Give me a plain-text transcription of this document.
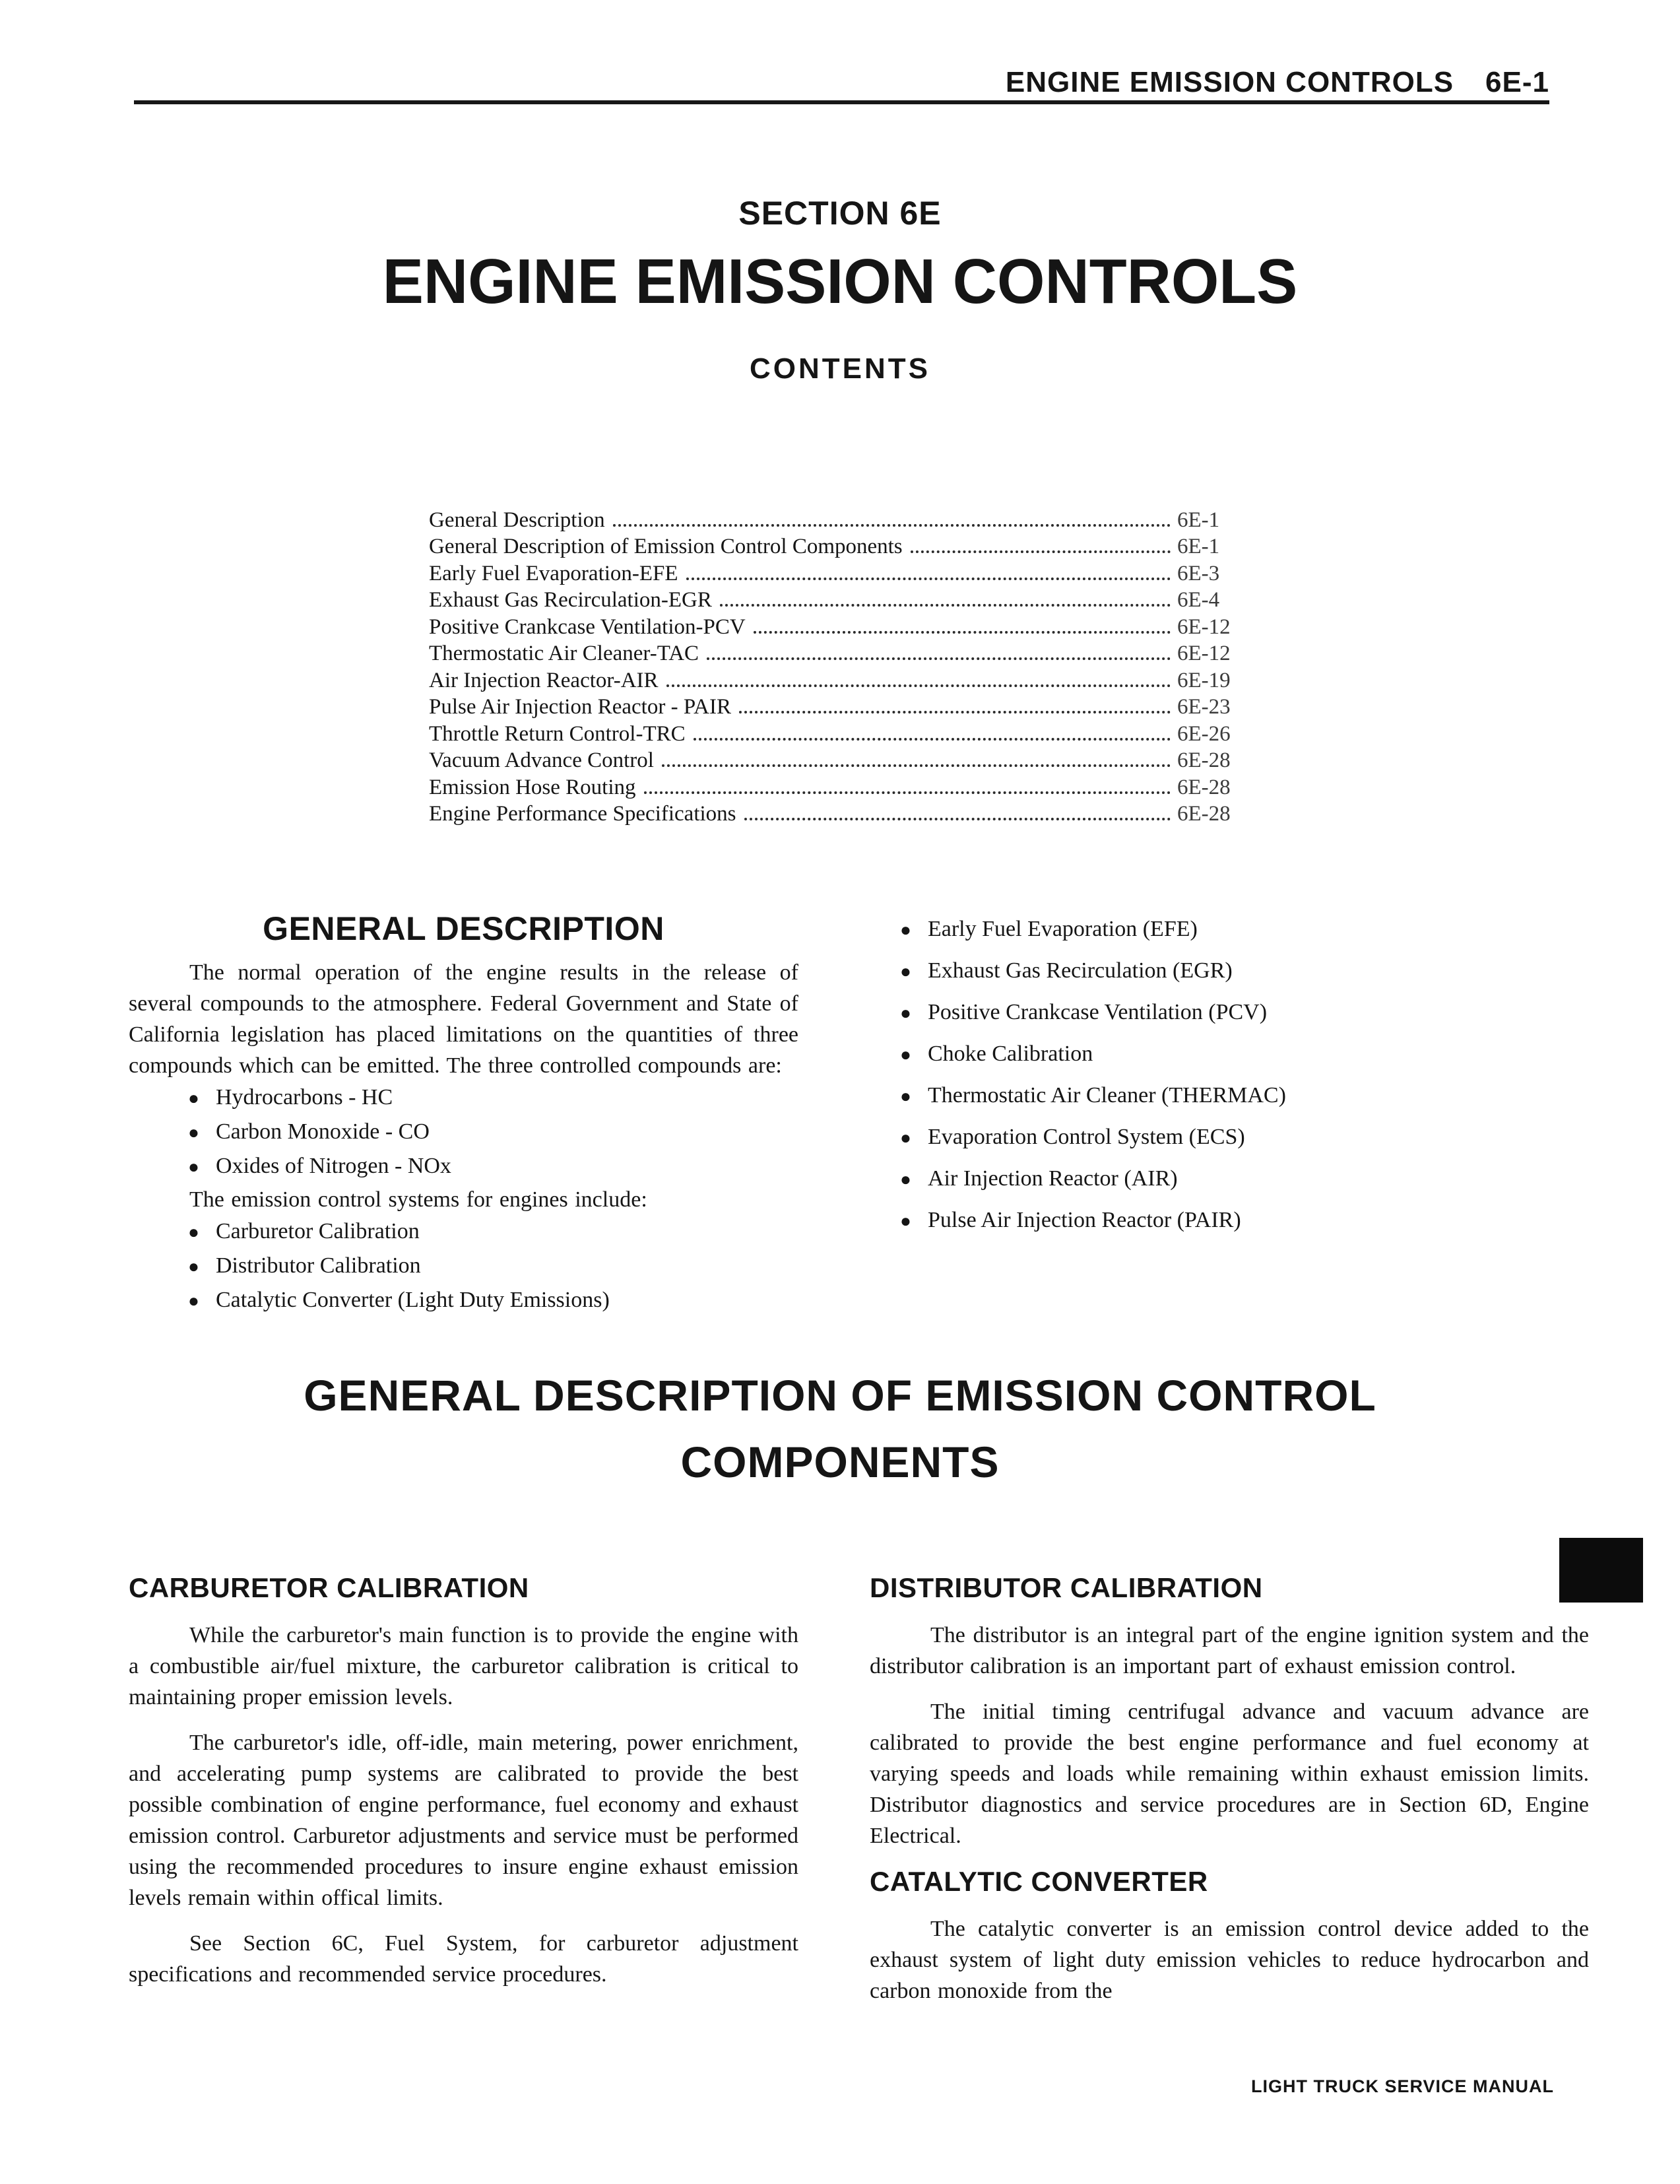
ENGINE EMISSION CONTROLS 6E-1
SECTION 6E
ENGINE EMISSION CONTROLS
CONTENTS
General Description	6E-1
General Description of Emission Control Components	6E-1
Early Fuel Evaporation-EFE	6E-3
Exhaust Gas Recirculation-EGR	6E-4
Positive Crankcase Ventilation-PCV	6E-12
Thermostatic Air Cleaner-TAC	6E-12
Air Injection Reactor-AIR	6E-19
Pulse Air Injection Reactor - PAIR	6E-23
Throttle Return Control-TRC	6E-26
Vacuum Advance Control	6E-28
Emission Hose Routing	6E-28
Engine Performance Specifications	6E-28
GENERAL DESCRIPTION

The normal operation of the engine results in the release of several compounds to the atmosphere. Federal Government and State of California legislation has placed limitations on the quantities of three compounds which can be emitted. The three controlled compounds are:

●
Hydrocarbons - HC
●
Carbon Monoxide - CO
●
Oxides of Nitrogen - NOx

The emission control systems for engines include:

●
Carburetor Calibration
●
Distributor Calibration
●
Catalytic Converter (Light Duty Emissions)
●
Early Fuel Evaporation (EFE)
●
Exhaust Gas Recirculation (EGR)
●
Positive Crankcase Ventilation (PCV)
●
Choke Calibration
●
Thermostatic Air Cleaner (THERMAC)
●
Evaporation Control System (ECS)
●
Air Injection Reactor (AIR)
●
Pulse Air Injection Reactor (PAIR)
GENERAL DESCRIPTION OF EMISSION CONTROL
COMPONENTS
CARBURETOR CALIBRATION

While the carburetor's main function is to provide the engine with a combustible air/fuel mixture, the carburetor calibration is critical to maintaining proper emission levels.

The carburetor's idle, off-idle, main metering, power enrichment, and accelerating pump systems are calibrated to provide the best possible combination of engine performance, fuel economy and exhaust emission control. Carburetor adjustments and service must be performed using the recommended procedures to insure engine exhaust emission levels remain within offical limits.

See Section 6C, Fuel System, for carburetor adjustment specifications and recommended service procedures.

DISTRIBUTOR CALIBRATION

The distributor is an integral part of the engine ignition system and the distributor calibration is an important part of exhaust emission control.

The initial timing centrifugal advance and vacuum advance are calibrated to provide the best engine performance and fuel economy at varying speeds and loads while remaining within exhaust emission limits. Distributor diagnostics and service procedures are in Section 6D, Engine Electrical.

CATALYTIC CONVERTER

The catalytic converter is an emission control device added to the exhaust system of light duty emission vehicles to reduce hydrocarbon and carbon monoxide from the

LIGHT TRUCK SERVICE MANUAL
